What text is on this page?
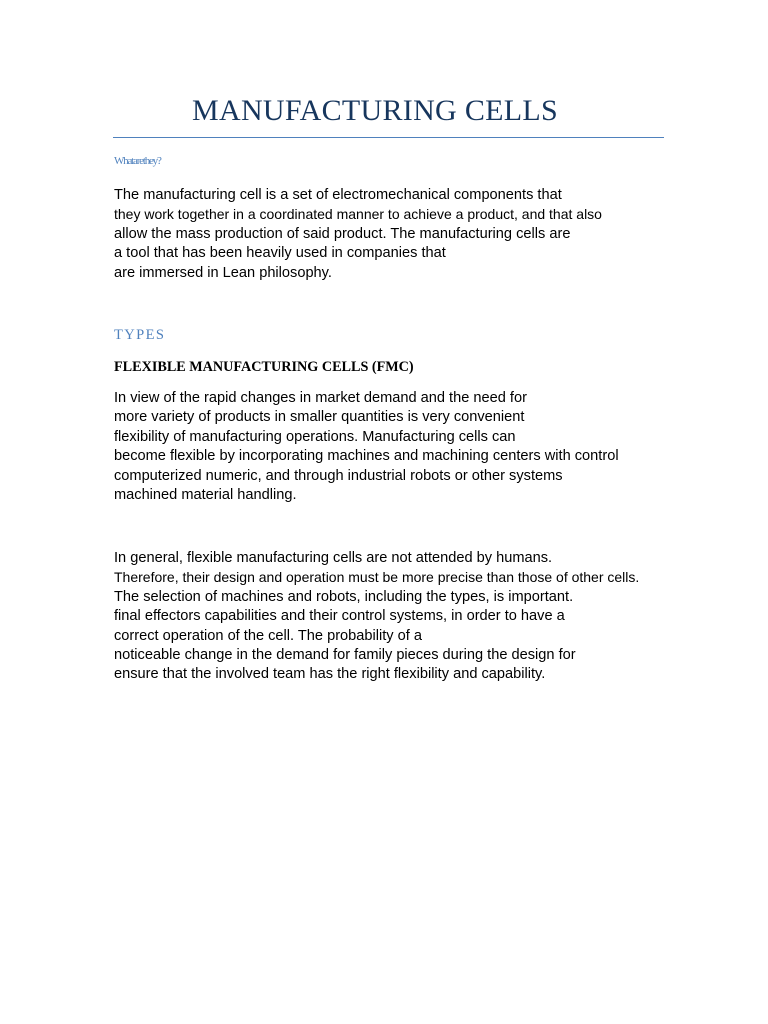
MANUFACTURING CELLS
Whataretheу?
The manufacturing cell is a set of electromechanical components that
they work together in a coordinated manner to achieve a product, and that also
allow the mass production of said product. The manufacturing cells are
a tool that has been heavily used in companies that
are immersed in Lean philosophy.
TYPES
FLEXIBLE MANUFACTURING CELLS (FMC)
In view of the rapid changes in market demand and the need for
more variety of products in smaller quantities is very convenient
flexibility of manufacturing operations. Manufacturing cells can
become flexible by incorporating machines and machining centers with control
computerized numeric, and through industrial robots or other systems
machined material handling.
In general, flexible manufacturing cells are not attended by humans.
Therefore, their design and operation must be more precise than those of other cells.
The selection of machines and robots, including the types, is important.
final effectors capabilities and their control systems, in order to have a
correct operation of the cell. The probability of a
noticeable change in the demand for family pieces during the design for
ensure that the involved team has the right flexibility and capability.
